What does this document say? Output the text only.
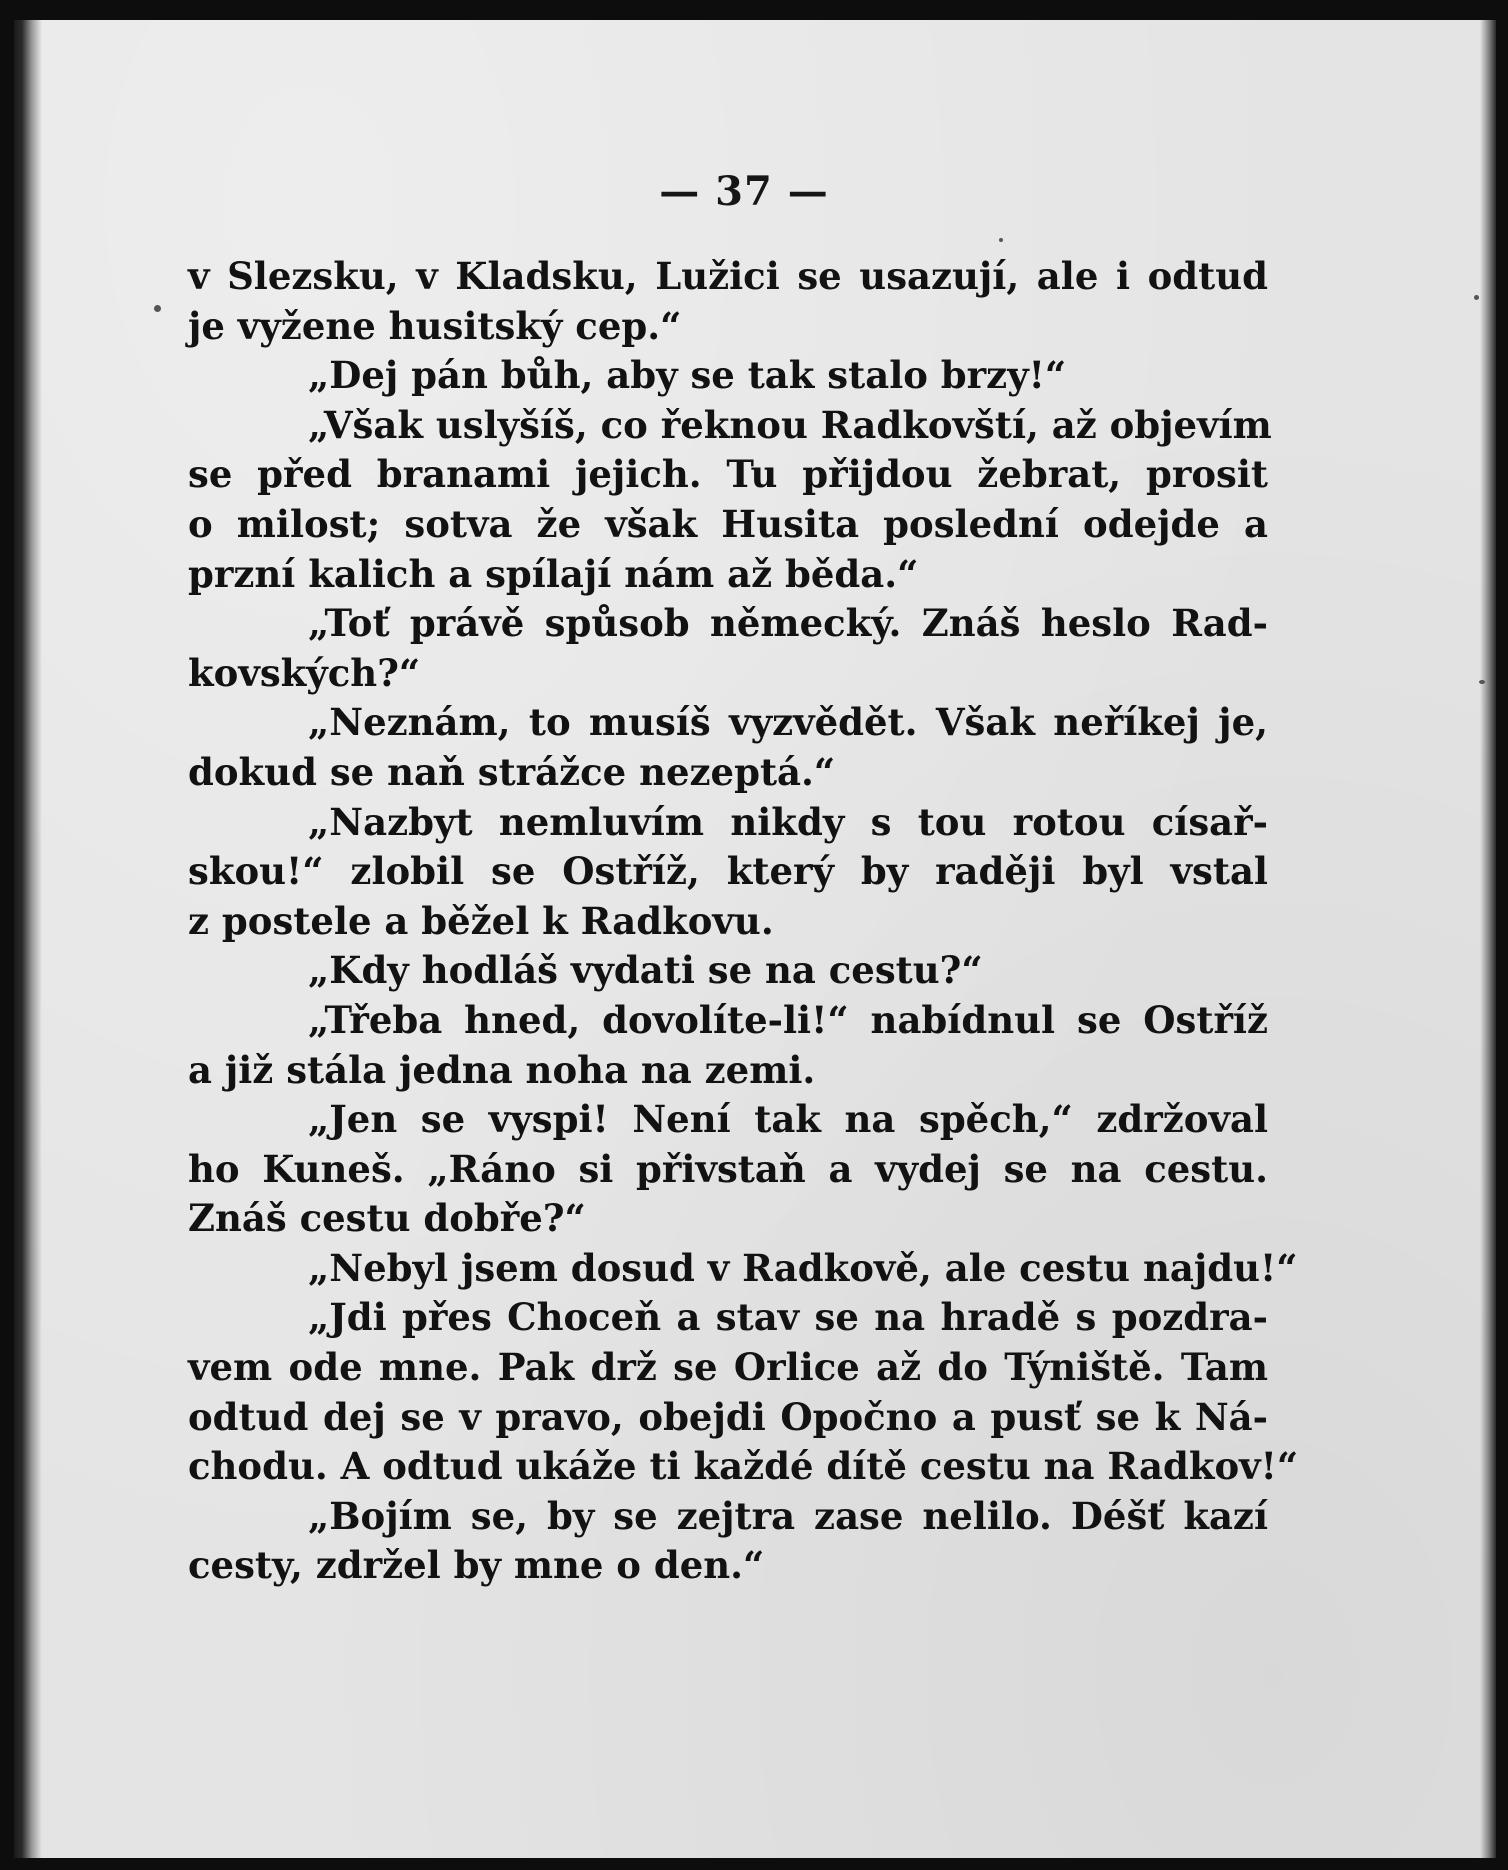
— 37 —

v Slezsku, v Kladsku, Lužici se usazují, ale i odtud
je vyžene husitský cep.“
„Dej pán bůh, aby se tak stalo brzy!“
„Však uslyšíš, co řeknou Radkovští, až objevím
se před branami jejich. Tu přijdou žebrat, prosit
o milost; sotva že však Husita poslední odejde a
przní kalich a spílají nám až běda.“
„Toť právě spůsob německý. Znáš heslo Rad-
kovských?“
„Neznám, to musíš vyzvědět. Však neříkej je,
dokud se naň strážce nezeptá.“
„Nazbyt nemluvím nikdy s tou rotou císař-
skou!“ zlobil se Ostříž, který by raději byl vstal
z postele a běžel k Radkovu.
„Kdy hodláš vydati se na cestu?“
„Třeba hned, dovolíte-li!“ nabídnul se Ostříž
a již stála jedna noha na zemi.
„Jen se vyspi! Není tak na spěch,“ zdržoval
ho Kuneš. „Ráno si přivstaň a vydej se na cestu.
Znáš cestu dobře?“
„Nebyl jsem dosud v Radkově, ale cestu najdu!“
„Jdi přes Choceň a stav se na hradě s pozdra-
vem ode mne. Pak drž se Orlice až do Týniště. Tam
odtud dej se v pravo, obejdi Opočno a pusť se k Ná-
chodu. A odtud ukáže ti každé dítě cestu na Radkov!“
„Bojím se, by se zejtra zase nelilo. Déšť kazí
cesty, zdržel by mne o den.“
